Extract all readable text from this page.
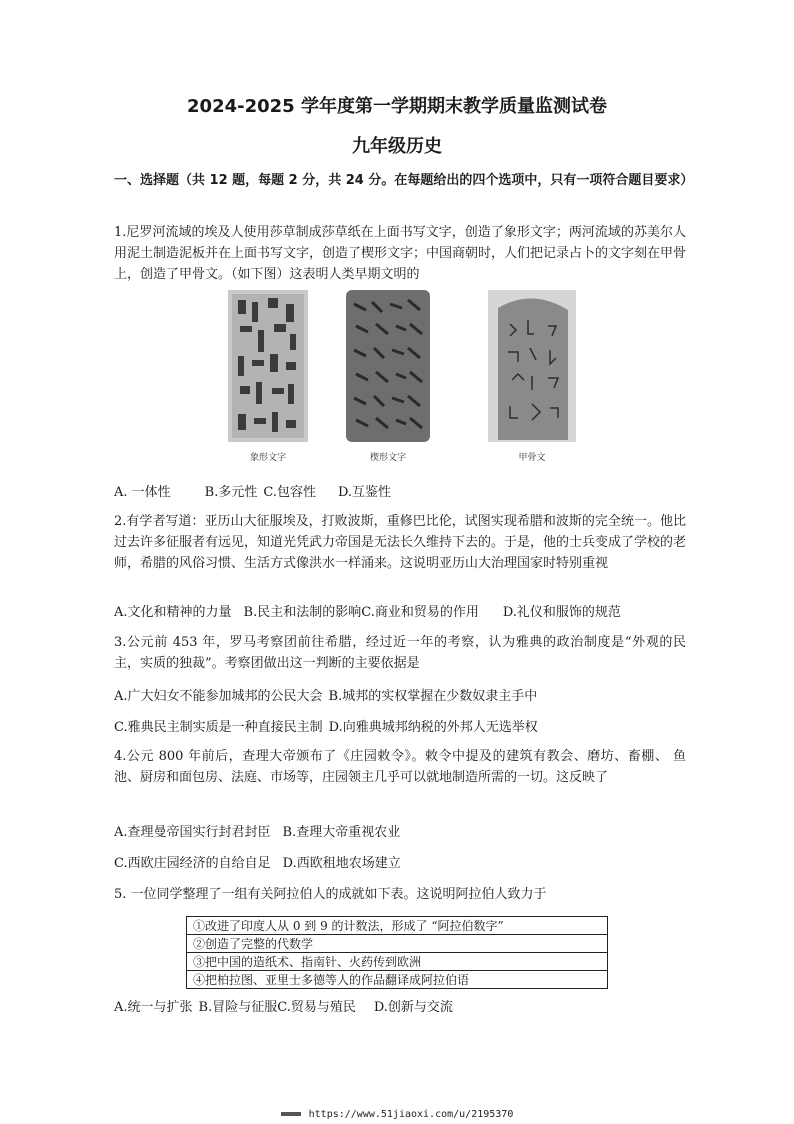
2024-2025 学年度第一学期期末教学质量监测试卷
九年级历史
一、选择题（共 12 题，每题 2 分，共 24 分。在每题给出的四个选项中，只有一项符合题目要求）
1.尼罗河流域的埃及人使用莎草制成莎草纸在上面书写文字，创造了象形文字；两河流域的苏美尔人用泥土制造泥板并在上面书写文字，创造了楔形文字；中国商朝时，人们把记录占卜的文字刻在甲骨上，创造了甲骨文。（如下图）这表明人类早期文明的
象形文字	楔形文字	甲骨文
A. 一体性	B.多元性 C.包容性 D.互鉴性
2.有学者写道：亚历山大征服埃及，打败波斯，重修巴比伦，试图实现希腊和波斯的完全统一。他比过去许多征服者有远见，知道光凭武力帝国是无法长久维持下去的。于是，他的士兵变成了学校的老师，希腊的风俗习惯、生活方式像洪水一样涌来。这说明亚历山大治理国家时特别重视
A.文化和精神的力量 B.民主和法制的影响C.商业和贸易的作用 D.礼仪和服饰的规范
3.公元前 453 年，罗马考察团前往希腊，经过近一年的考察，认为雅典的政治制度是“外观的民主，实质的独裁”。考察团做出这一判断的主要依据是
A.广大妇女不能参加城邦的公民大会 B.城邦的实权掌握在少数奴隶主手中
C.雅典民主制实质是一种直接民主制 D.向雅典城邦纳税的外邦人无选举权
4.公元 800 年前后，查理大帝颁布了《庄园敕令》。敕令中提及的建筑有教会、磨坊、畜棚、 鱼池、厨房和面包房、法庭、市场等，庄园领主几乎可以就地制造所需的一切。这反映了
A.查理曼帝国实行封君封臣 B.查理大帝重视农业
C.西欧庄园经济的自给自足 D.西欧租地农场建立
5. 一位同学整理了一组有关阿拉伯人的成就如下表。这说明阿拉伯人致力于
①改进了印度人从 0 到 9 的计数法，形成了 “阿拉伯数字”
②创造了完整的代数学
③把中国的造纸术、指南针、火药传到欧洲
④把柏拉图、亚里士多德等人的作品翻译成阿拉伯语
A.统一与扩张 B.冒险与征服C.贸易与殖民 D.创新与交流
https://www.51jiaoxi.com/u/2195370
